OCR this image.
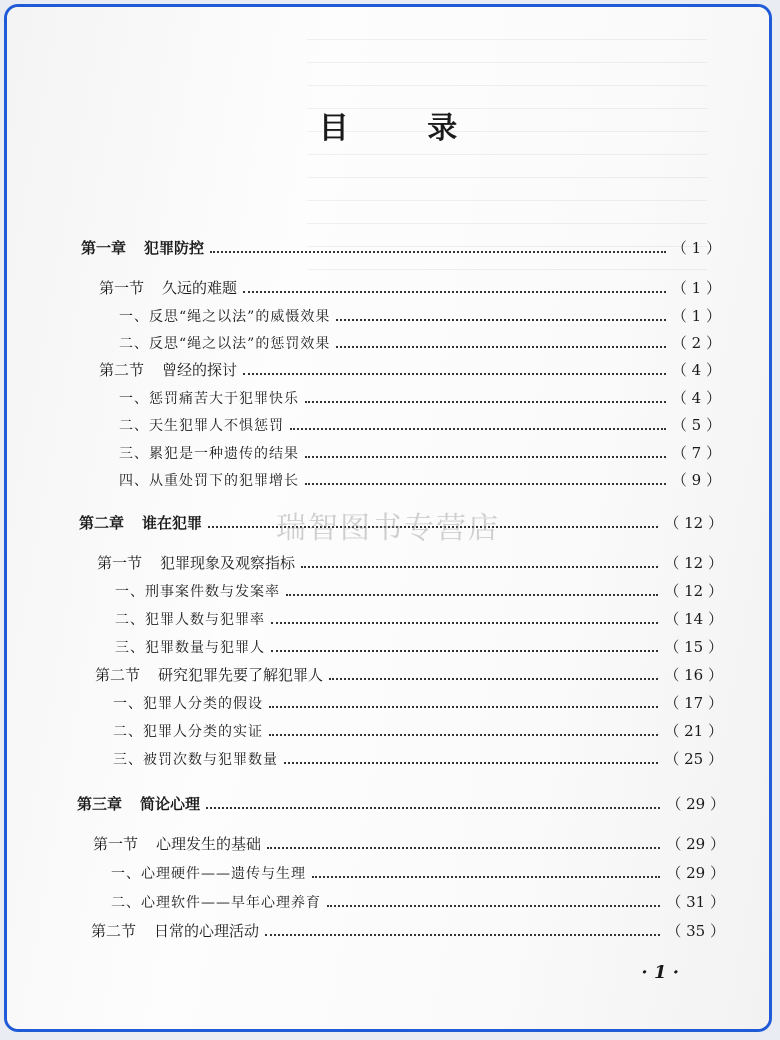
目 录
第一章 犯罪防控	（ 1 ）
第一节 久远的难题	（ 1 ）
一、反思“绳之以法”的威慑效果	（ 1 ）
二、反思“绳之以法”的惩罚效果	（ 2 ）
第二节 曾经的探讨	（ 4 ）
一、惩罚痛苦大于犯罪快乐	（ 4 ）
二、天生犯罪人不惧惩罚	（ 5 ）
三、累犯是一种遗传的结果	（ 7 ）
四、从重处罚下的犯罪增长	（ 9 ）
第二章 谁在犯罪	（ 12 ）
第一节 犯罪现象及观察指标	（ 12 ）
一、刑事案件数与发案率	（ 12 ）
二、犯罪人数与犯罪率	（ 14 ）
三、犯罪数量与犯罪人	（ 15 ）
第二节 研究犯罪先要了解犯罪人	（ 16 ）
一、犯罪人分类的假设	（ 17 ）
二、犯罪人分类的实证	（ 21 ）
三、被罚次数与犯罪数量	（ 25 ）
第三章 简论心理	（ 29 ）
第一节 心理发生的基础	（ 29 ）
一、心理硬件——遗传与生理	（ 29 ）
二、心理软件——早年心理养育	（ 31 ）
第二节 日常的心理活动	（ 35 ）
瑞智图书专营店
· 1 ·
